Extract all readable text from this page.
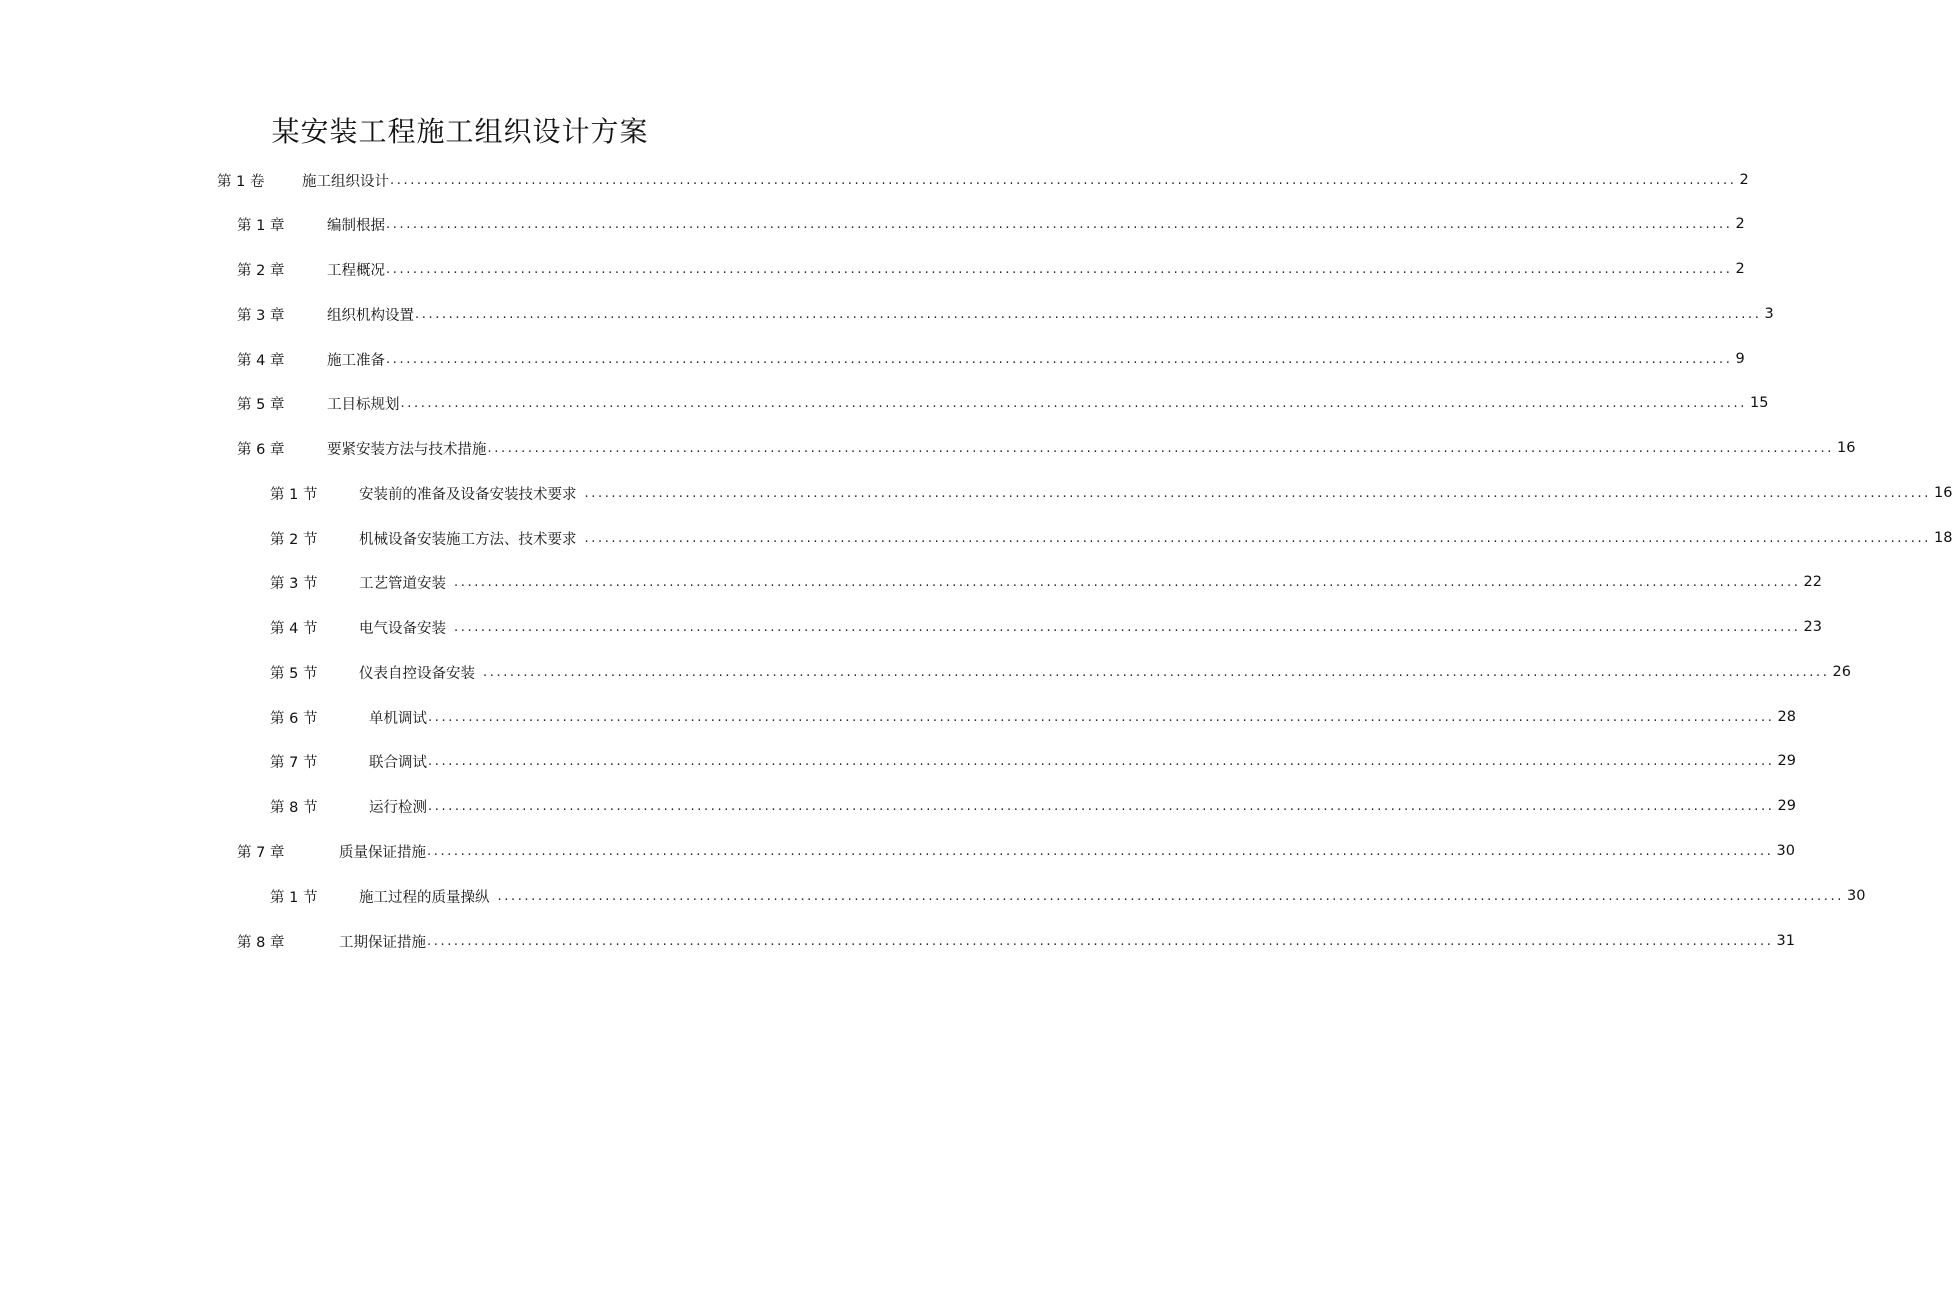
某安装工程施工组织设计方案
第 1 卷	施工组织设计 ........................................................................................................................................................................................................ 2
第 1 章	编制根据 ........................................................................................................................................................................................................ 2
第 2 章	工程概况 ........................................................................................................................................................................................................ 2
第 3 章	组织机构设置 ........................................................................................................................................................................................................ 3
第 4 章	施工准备 ........................................................................................................................................................................................................ 9
第 5 章	工目标规划 ........................................................................................................................................................................................................ 15
第 6 章	要紧安装方法与技术措施 ........................................................................................................................................................................................................ 16
第 1 节	安装前的准备及设备安装技术要求 ........................................................................................................................................................................................................ 16
第 2 节	机械设备安装施工方法、技术要求 ........................................................................................................................................................................................................ 18
第 3 节	工艺管道安装 ........................................................................................................................................................................................................ 22
第 4 节	电气设备安装 ........................................................................................................................................................................................................ 23
第 5 节	仪表自控设备安装 ........................................................................................................................................................................................................ 26
第 6 节	单机调试 ........................................................................................................................................................................................................ 28
第 7 节	联合调试 ........................................................................................................................................................................................................ 29
第 8 节	运行检测 ........................................................................................................................................................................................................ 29
第 7 章	质量保证措施 ........................................................................................................................................................................................................ 30
第 1 节	施工过程的质量操纵 ........................................................................................................................................................................................................ 30
第 8 章	工期保证措施 ........................................................................................................................................................................................................ 31
